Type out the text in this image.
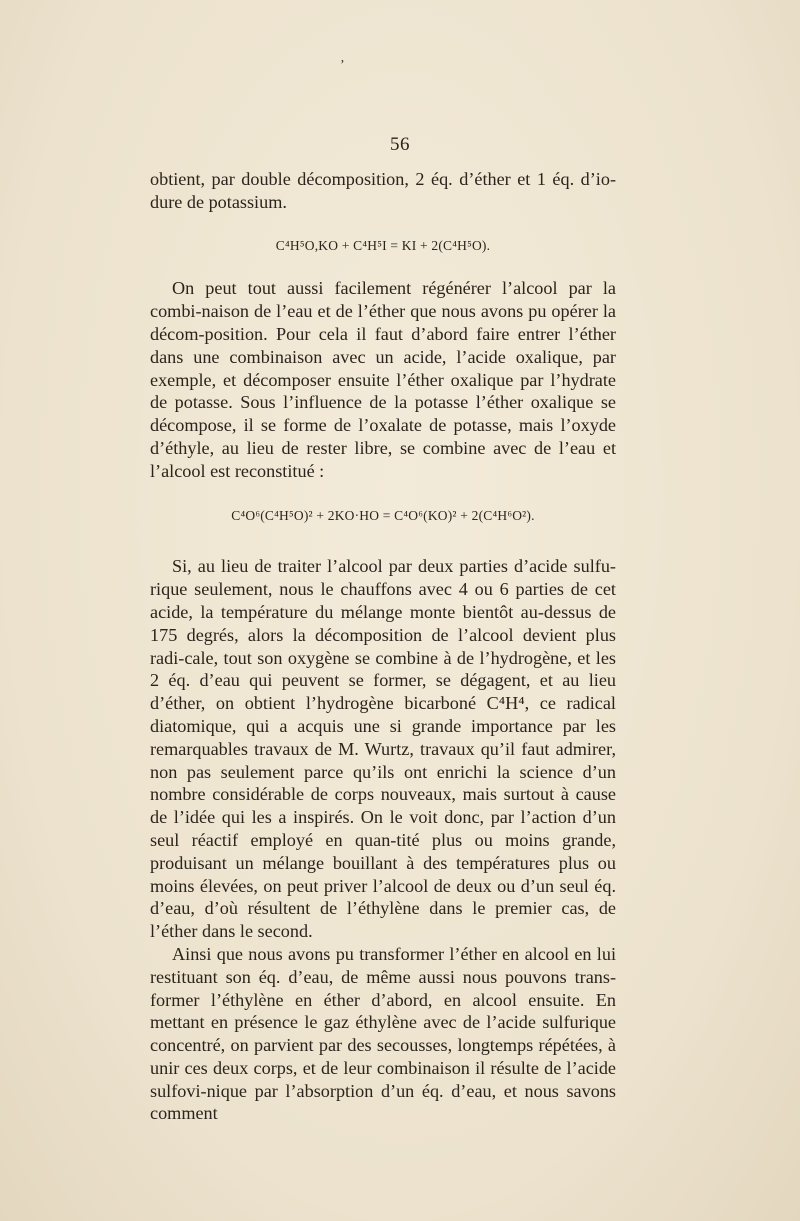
’
56

obtient, par double décomposition, 2 éq. d’éther et 1 éq. d’io-dure de potassium.

C⁴H⁵O,KO + C⁴H⁵I = KI + 2(C⁴H⁵O).

On peut tout aussi facilement régénérer l’alcool par la combi-naison de l’eau et de l’éther que nous avons pu opérer la décom-position. Pour cela il faut d’abord faire entrer l’éther dans une combinaison avec un acide, l’acide oxalique, par exemple, et décomposer ensuite l’éther oxalique par l’hydrate de potasse. Sous l’influence de la potasse l’éther oxalique se décompose, il se forme de l’oxalate de potasse, mais l’oxyde d’éthyle, au lieu de rester libre, se combine avec de l’eau et l’alcool est reconstitué :

C⁴O⁶(C⁴H⁵O)² + 2KO·HO = C⁴O⁶(KO)² + 2(C⁴H⁶O²).

Si, au lieu de traiter l’alcool par deux parties d’acide sulfu-rique seulement, nous le chauffons avec 4 ou 6 parties de cet acide, la température du mélange monte bientôt au-dessus de 175 degrés, alors la décomposition de l’alcool devient plus radi-cale, tout son oxygène se combine à de l’hydrogène, et les 2 éq. d’eau qui peuvent se former, se dégagent, et au lieu d’éther, on obtient l’hydrogène bicarboné C⁴H⁴, ce radical diatomique, qui a acquis une si grande importance par les remarquables travaux de M. Wurtz, travaux qu’il faut admirer, non pas seulement parce qu’ils ont enrichi la science d’un nombre considérable de corps nouveaux, mais surtout à cause de l’idée qui les a inspirés. On le voit donc, par l’action d’un seul réactif employé en quan-tité plus ou moins grande, produisant un mélange bouillant à des températures plus ou moins élevées, on peut priver l’alcool de deux ou d’un seul éq. d’eau, d’où résultent de l’éthylène dans le premier cas, de l’éther dans le second.

Ainsi que nous avons pu transformer l’éther en alcool en lui restituant son éq. d’eau, de même aussi nous pouvons trans-former l’éthylène en éther d’abord, en alcool ensuite. En mettant en présence le gaz éthylène avec de l’acide sulfurique concentré, on parvient par des secousses, longtemps répétées, à unir ces deux corps, et de leur combinaison il résulte de l’acide sulfovi-nique par l’absorption d’un éq. d’eau, et nous savons comment
